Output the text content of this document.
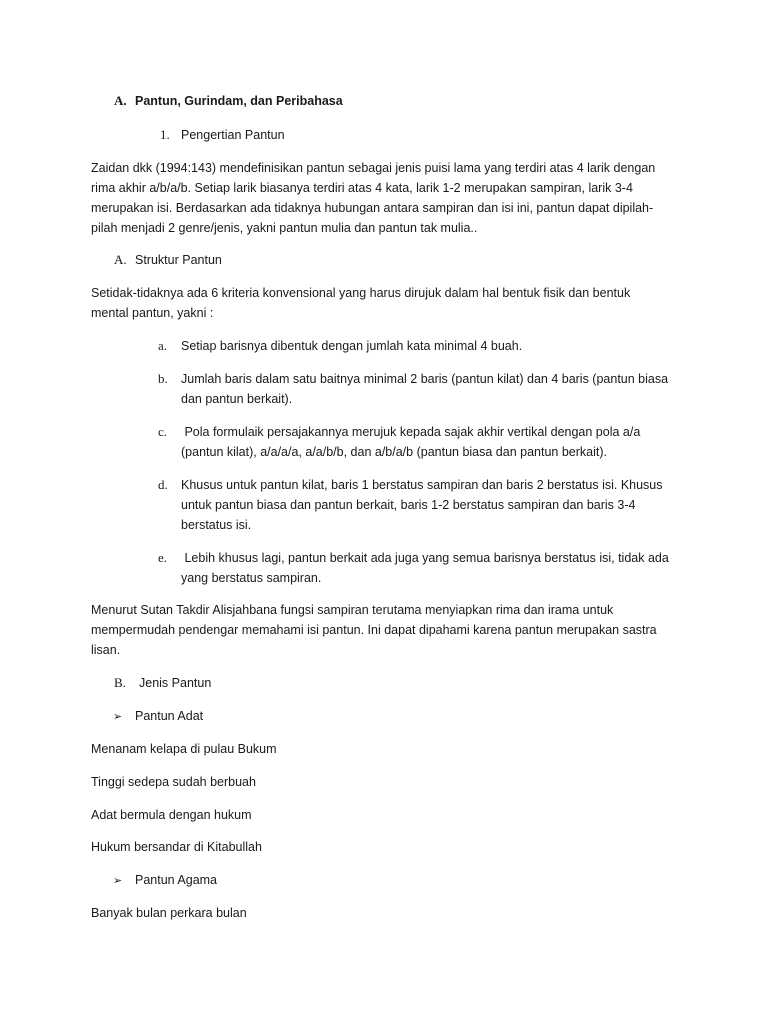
A. Pantun, Gurindam, dan Peribahasa
1. Pengertian Pantun
Zaidan dkk (1994:143) mendefinisikan pantun sebagai jenis puisi lama yang terdiri atas 4 larik dengan
rima akhir a/b/a/b. Setiap larik biasanya terdiri atas 4 kata, larik 1-2 merupakan sampiran, larik 3-4
merupakan isi. Berdasarkan ada tidaknya hubungan antara sampiran dan isi ini, pantun dapat dipilah-
pilah menjadi 2 genre/jenis, yakni pantun mulia dan pantun tak mulia..
A. Struktur Pantun
Setidak-tidaknya ada 6 kriteria konvensional yang harus dirujuk dalam hal bentuk fisik dan bentuk
mental pantun, yakni :
a. Setiap barisnya dibentuk dengan jumlah kata minimal 4 buah.
b. Jumlah baris dalam satu baitnya minimal 2 baris (pantun kilat) dan 4 baris (pantun biasa
dan pantun berkait).
c. Pola formulaik persajakannya merujuk kepada sajak akhir vertikal dengan pola a/a
(pantun kilat), a/a/a/a, a/a/b/b, dan a/b/a/b (pantun biasa dan pantun berkait).
d. Khusus untuk pantun kilat, baris 1 berstatus sampiran dan baris 2 berstatus isi. Khusus
untuk pantun biasa dan pantun berkait, baris 1-2 berstatus sampiran dan baris 3-4
berstatus isi.
e. Lebih khusus lagi, pantun berkait ada juga yang semua barisnya berstatus isi, tidak ada
yang berstatus sampiran.
Menurut Sutan Takdir Alisjahbana fungsi sampiran terutama menyiapkan rima dan irama untuk
mempermudah pendengar memahami isi pantun. Ini dapat dipahami karena pantun merupakan sastra
lisan.
B. Jenis Pantun
➢ Pantun Adat
Menanam kelapa di pulau Bukum
Tinggi sedepa sudah berbuah
Adat bermula dengan hukum
Hukum bersandar di Kitabullah
➢ Pantun Agama
Banyak bulan perkara bulan
